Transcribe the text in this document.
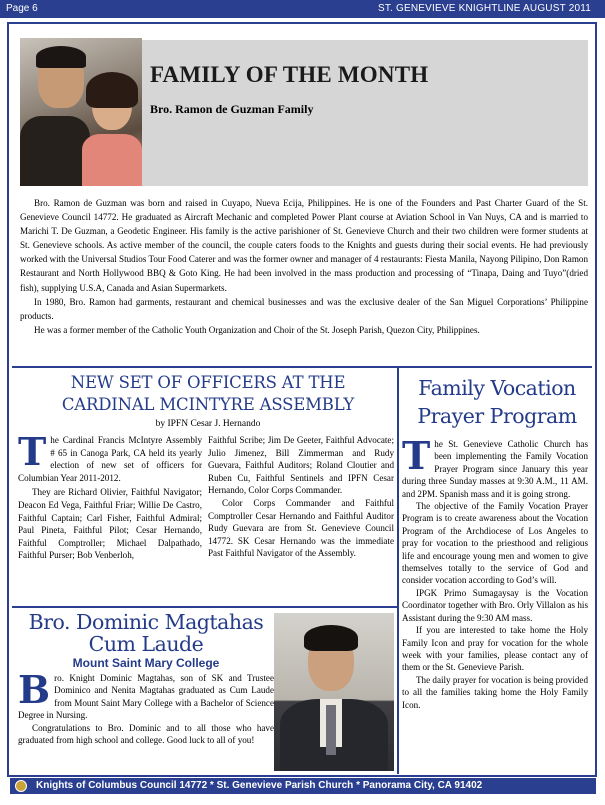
Page 6	ST. GENEVIEVE KNIGHTLINE AUGUST 2011
FAMILY OF THE MONTH
Bro. Ramon de Guzman Family

Bro. Ramon de Guzman was born and raised in Cuyapo, Nueva Ecija, Philippines. He is one of the Founders and Past Charter Guard of the St. Genevieve Council 14772. He graduated as Aircraft Mechanic and completed Power Plant course at Aviation School in Van Nuys, CA and is married to Marichi T. De Guzman, a Geodetic Engineer. His family is the active parishioner of St. Genevieve Church and their two children were former students at St. Genevieve schools. As active member of the council, the couple caters foods to the Knights and guests during their social events. He had previously worked with the Universal Studios Tour Food Caterer and was the former owner and manager of 4 restaurants: Fiesta Manila, Nayong Pilipino, Don Ramon Restaurant and North Hollywood BBQ & Goto King. He had been involved in the mass production and processing of “Tinapa, Daing and Tuyo”(dried fish), supplying U.S.A, Canada and Asian Supermarkets.

In 1980, Bro. Ramon had garments, restaurant and chemical businesses and was the exclusive dealer of the San Miguel Corporations’ Philippine products.

He was a former member of the Catholic Youth Organization and Choir of the St. Joseph Parish, Quezon City, Philippines.

NEW SET OF OFFICERS AT THE CARDINAL MCINTYRE ASSEMBLY
by IPFN Cesar J. Hernando

The Cardinal Francis McIntyre Assembly # 65 in Canoga Park, CA held its yearly election of new set of officers for Columbian Year 2011-2012.

They are Richard Olivier, Faithful Navigator; Deacon Ed Vega, Faithful Friar; Willie De Castro, Faithful Captain; Carl Fisher, Faithful Admiral; Paul Pineta, Faithful Pilot; Cesar Hernando, Faithful Comptroller; Michael Dalpathado, Faithful Purser; Bob Venberloh,

Faithful Scribe; Jim De Geeter, Faithful Advocate; Julio Jimenez, Bill Zimmerman and Rudy Guevara, Faithful Auditors; Roland Cloutier and Ruben Cu, Faithful Sentinels and IPFN Cesar Hernando, Color Corps Commander.

Color Corps Commander and Faithful Comptroller Cesar Hernando and Faithful Auditor Rudy Guevara are from St. Genevieve Council 14772. SK Cesar Hernando was the immediate Past Faithful Navigator of the Assembly.

Bro. Dominic Magtahas Cum Laude
Mount Saint Mary College

Bro. Knight Dominic Magtahas, son of SK and Trustee Dominico and Nenita Magtahas graduated as Cum Laude from Mount Saint Mary College with a Bachelor of Science Degree in Nursing.

Congratulations to Bro. Dominic and to all those who have graduated from high school and college. Good luck to all of you!

Family Vocation Prayer Program

The St. Genevieve Catholic Church has been implementing the Family Vocation Prayer Program since January this year during three Sunday masses at 9:30 A.M., 11 AM. and 2PM. Spanish mass and it is going strong.

The objective of the Family Vocation Prayer Program is to create awareness about the Vocation Program of the Archdiocese of Los Angeles to pray for vocation to the priesthood and religious life and encourage young men and women to give themselves totally to the service of God and consider vocation according to God’s will.

IPGK Primo Sumagaysay is the Vocation Coordinator together with Bro. Orly Villalon as his Assistant during the 9:30 AM mass.

If you are interested to take home the Holy Family Icon and pray for vocation for the whole week with your families, please contact any of them or the St. Genevieve Parish.

The daily prayer for vocation is being provided to all the families taking home the Holy Family Icon.

Knights of Columbus Council 14772 * St. Genevieve Parish Church * Panorama City, CA 91402
